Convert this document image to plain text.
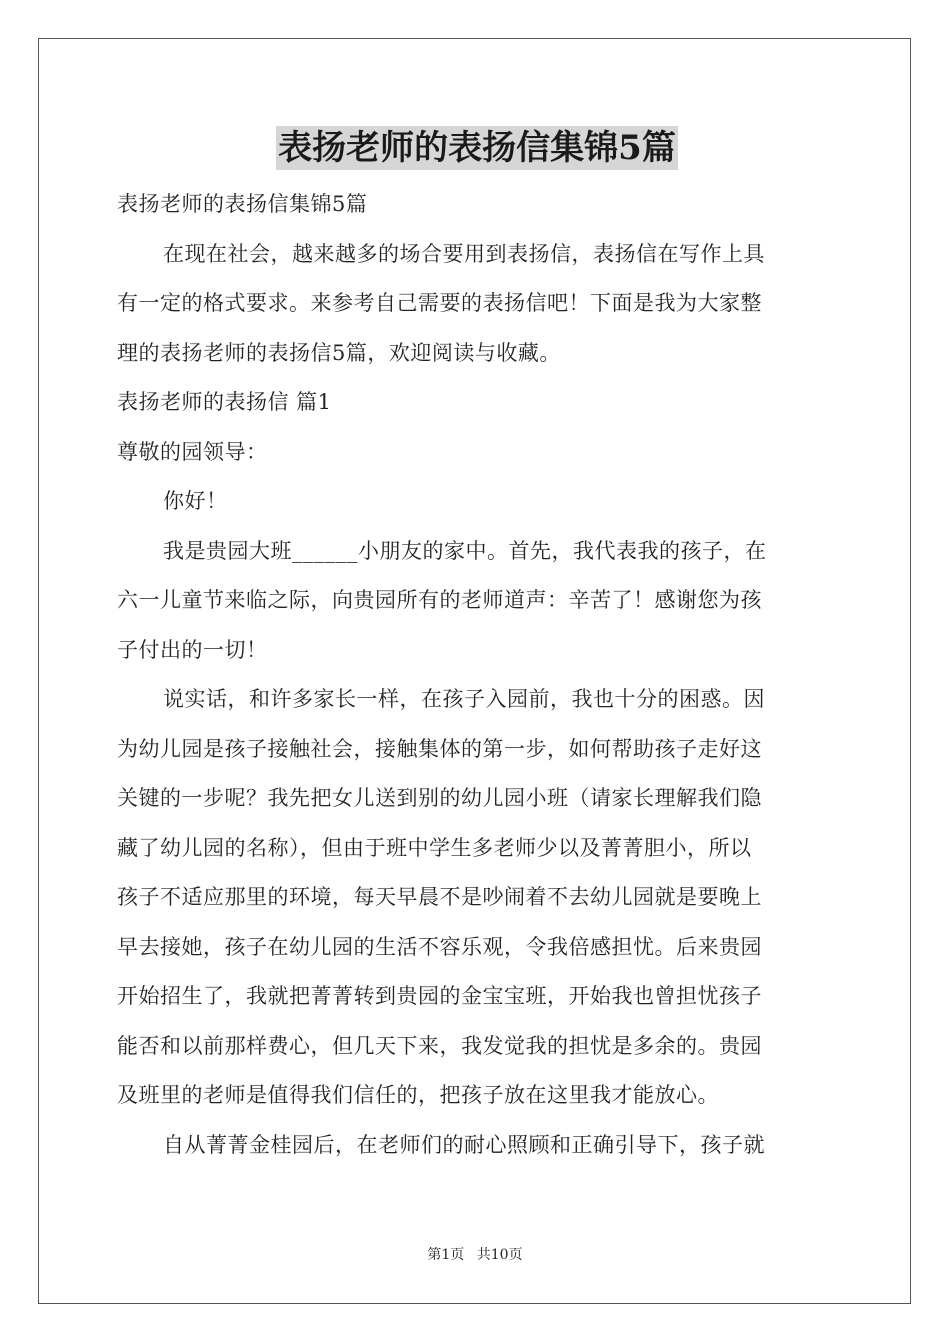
表扬老师的表扬信集锦5篇
表扬老师的表扬信集锦5篇
在现在社会，越来越多的场合要用到表扬信，表扬信在写作上具
有一定的格式要求。来参考自己需要的表扬信吧！下面是我为大家整
理的表扬老师的表扬信5篇，欢迎阅读与收藏。
表扬老师的表扬信 篇1
尊敬的园领导：
你好！
我是贵园大班______小朋友的家中。首先，我代表我的孩子，在
六一儿童节来临之际，向贵园所有的老师道声：辛苦了！感谢您为孩
子付出的一切！
说实话，和许多家长一样，在孩子入园前，我也十分的困惑。因
为幼儿园是孩子接触社会，接触集体的第一步，如何帮助孩子走好这
关键的一步呢？我先把女儿送到别的幼儿园小班（请家长理解我们隐
藏了幼儿园的名称），但由于班中学生多老师少以及菁菁胆小，所以
孩子不适应那里的环境，每天早晨不是吵闹着不去幼儿园就是要晚上
早去接她，孩子在幼儿园的生活不容乐观，令我倍感担忧。后来贵园
开始招生了，我就把菁菁转到贵园的金宝宝班，开始我也曾担忧孩子
能否和以前那样费心，但几天下来，我发觉我的担忧是多余的。贵园
及班里的老师是值得我们信任的，把孩子放在这里我才能放心。
自从菁菁金桂园后，在老师们的耐心照顾和正确引导下，孩子就
第1页 共10页
